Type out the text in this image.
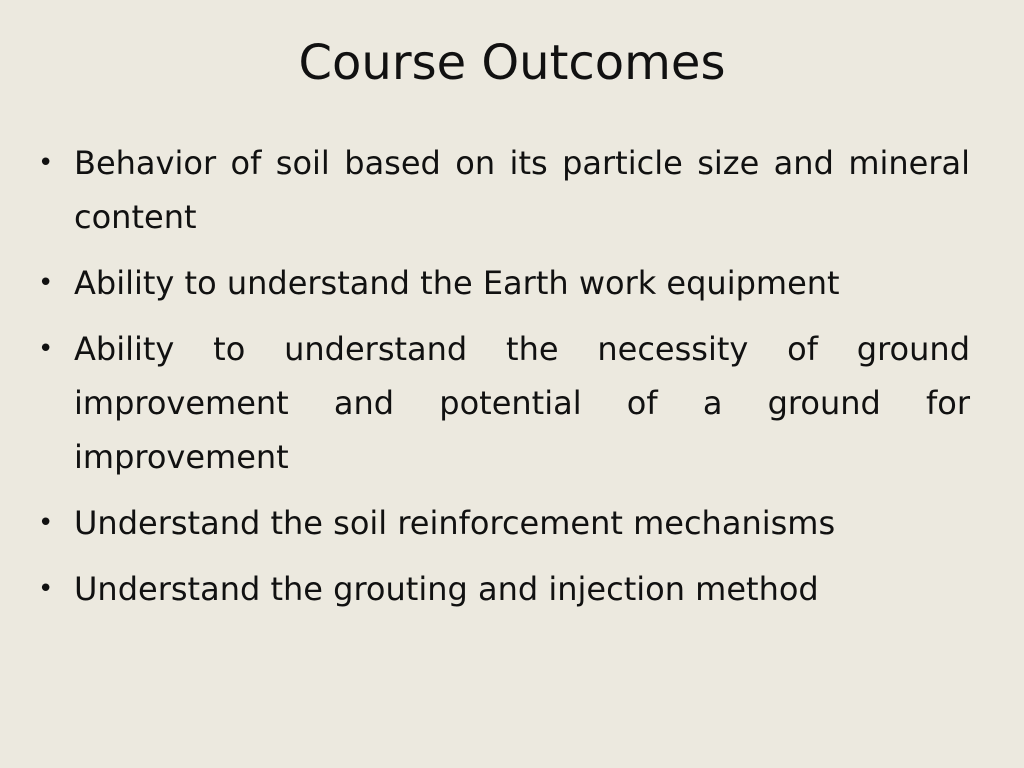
Course Outcomes
• Behavior of soil based on its particle size and mineral content
• Ability to understand the Earth work equipment
• Ability to understand the necessity of ground improvement and potential of a ground for improvement
• Understand the soil reinforcement mechanisms
• Understand the grouting and injection method
